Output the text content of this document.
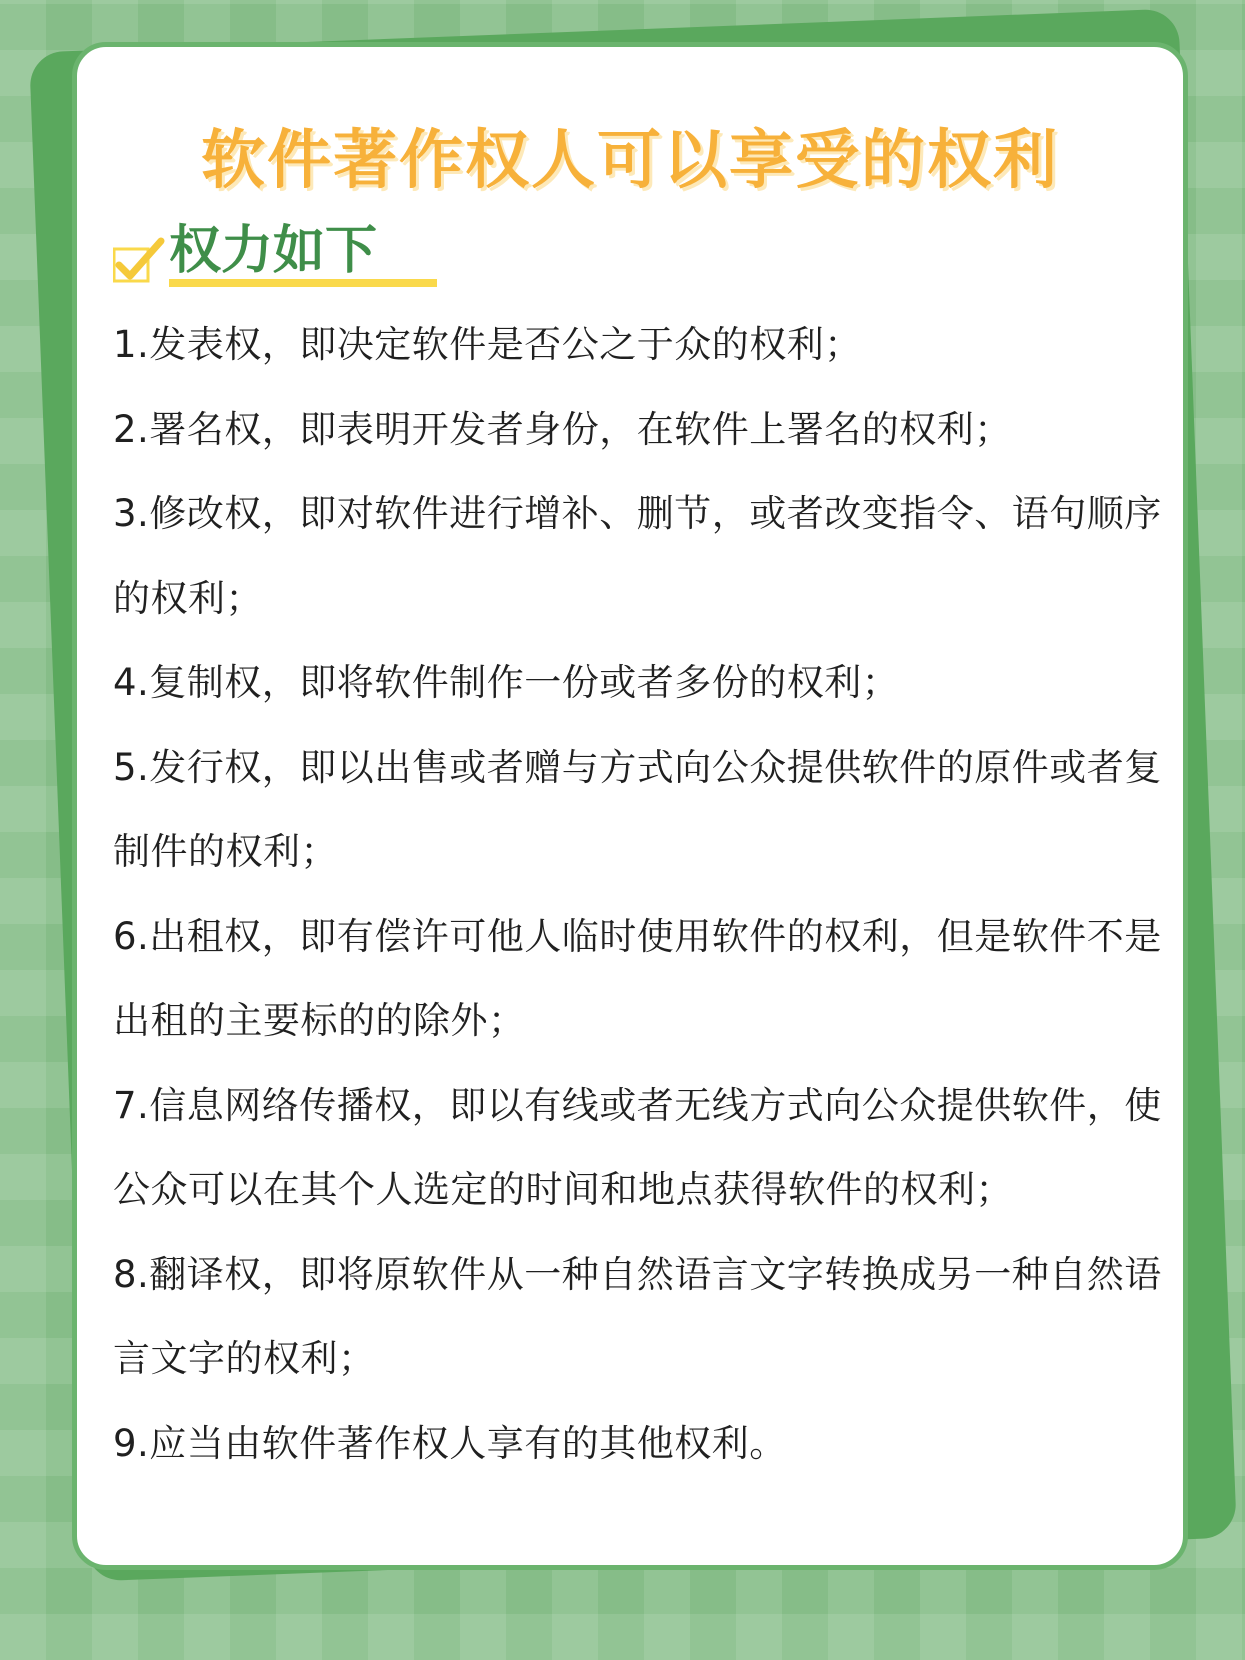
软件著作权人可以享受的权利
权力如下
1.发表权，即决定软件是否公之于众的权利；
2.署名权，即表明开发者身份，在软件上署名的权利；
3.修改权，即对软件进行增补、删节，或者改变指令、语句顺序的权利；
4.复制权，即将软件制作一份或者多份的权利；
5.发行权，即以出售或者赠与方式向公众提供软件的原件或者复制件的权利；
6.出租权，即有偿许可他人临时使用软件的权利，但是软件不是出租的主要标的的除外；
7.信息网络传播权，即以有线或者无线方式向公众提供软件，使公众可以在其个人选定的时间和地点获得软件的权利；
8.翻译权，即将原软件从一种自然语言文字转换成另一种自然语言文字的权利；
9.应当由软件著作权人享有的其他权利。
